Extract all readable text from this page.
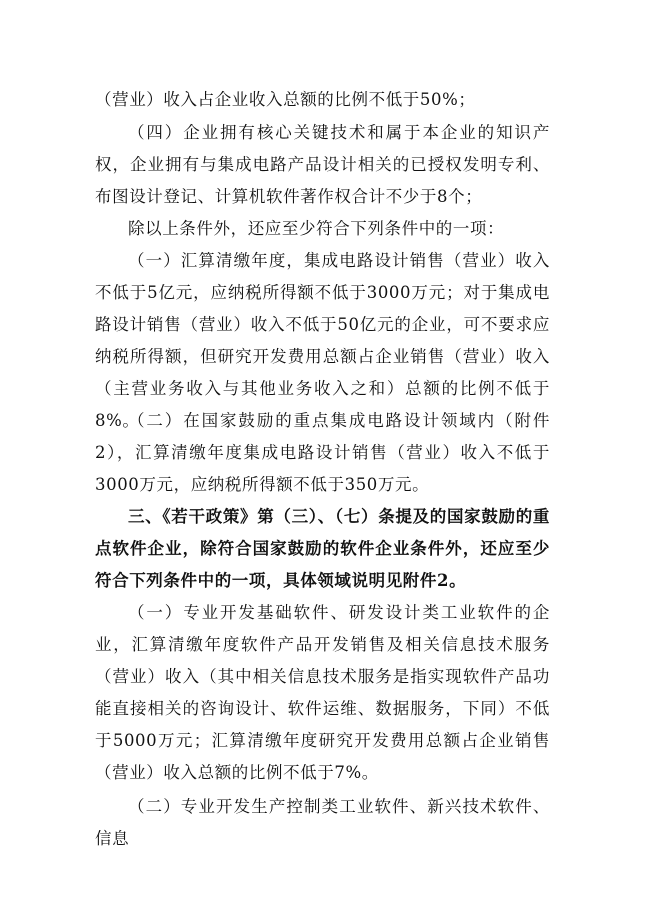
（营业）收入占企业收入总额的比例不低于50%；

（四）企业拥有核心关键技术和属于本企业的知识产权，企业拥有与集成电路产品设计相关的已授权发明专利、布图设计登记、计算机软件著作权合计不少于8个；

除以上条件外，还应至少符合下列条件中的一项：

（一）汇算清缴年度，集成电路设计销售（营业）收入不低于5亿元，应纳税所得额不低于3000万元；对于集成电路设计销售（营业）收入不低于50亿元的企业，可不要求应纳税所得额，但研究开发费用总额占企业销售（营业）收入（主营业务收入与其他业务收入之和）总额的比例不低于8%。

（二）在国家鼓励的重点集成电路设计领域内（附件2），汇算清缴年度集成电路设计销售（营业）收入不低于3000万元，应纳税所得额不低于350万元。

三、《若干政策》第（三）、（七）条提及的国家鼓励的重点软件企业，除符合国家鼓励的软件企业条件外，还应至少符合下列条件中的一项，具体领域说明见附件2。

（一）专业开发基础软件、研发设计类工业软件的企业，汇算清缴年度软件产品开发销售及相关信息技术服务（营业）收入（其中相关信息技术服务是指实现软件产品功能直接相关的咨询设计、软件运维、数据服务，下同）不低于5000万元；汇算清缴年度研究开发费用总额占企业销售（营业）收入总额的比例不低于7%。

（二）专业开发生产控制类工业软件、新兴技术软件、信息
